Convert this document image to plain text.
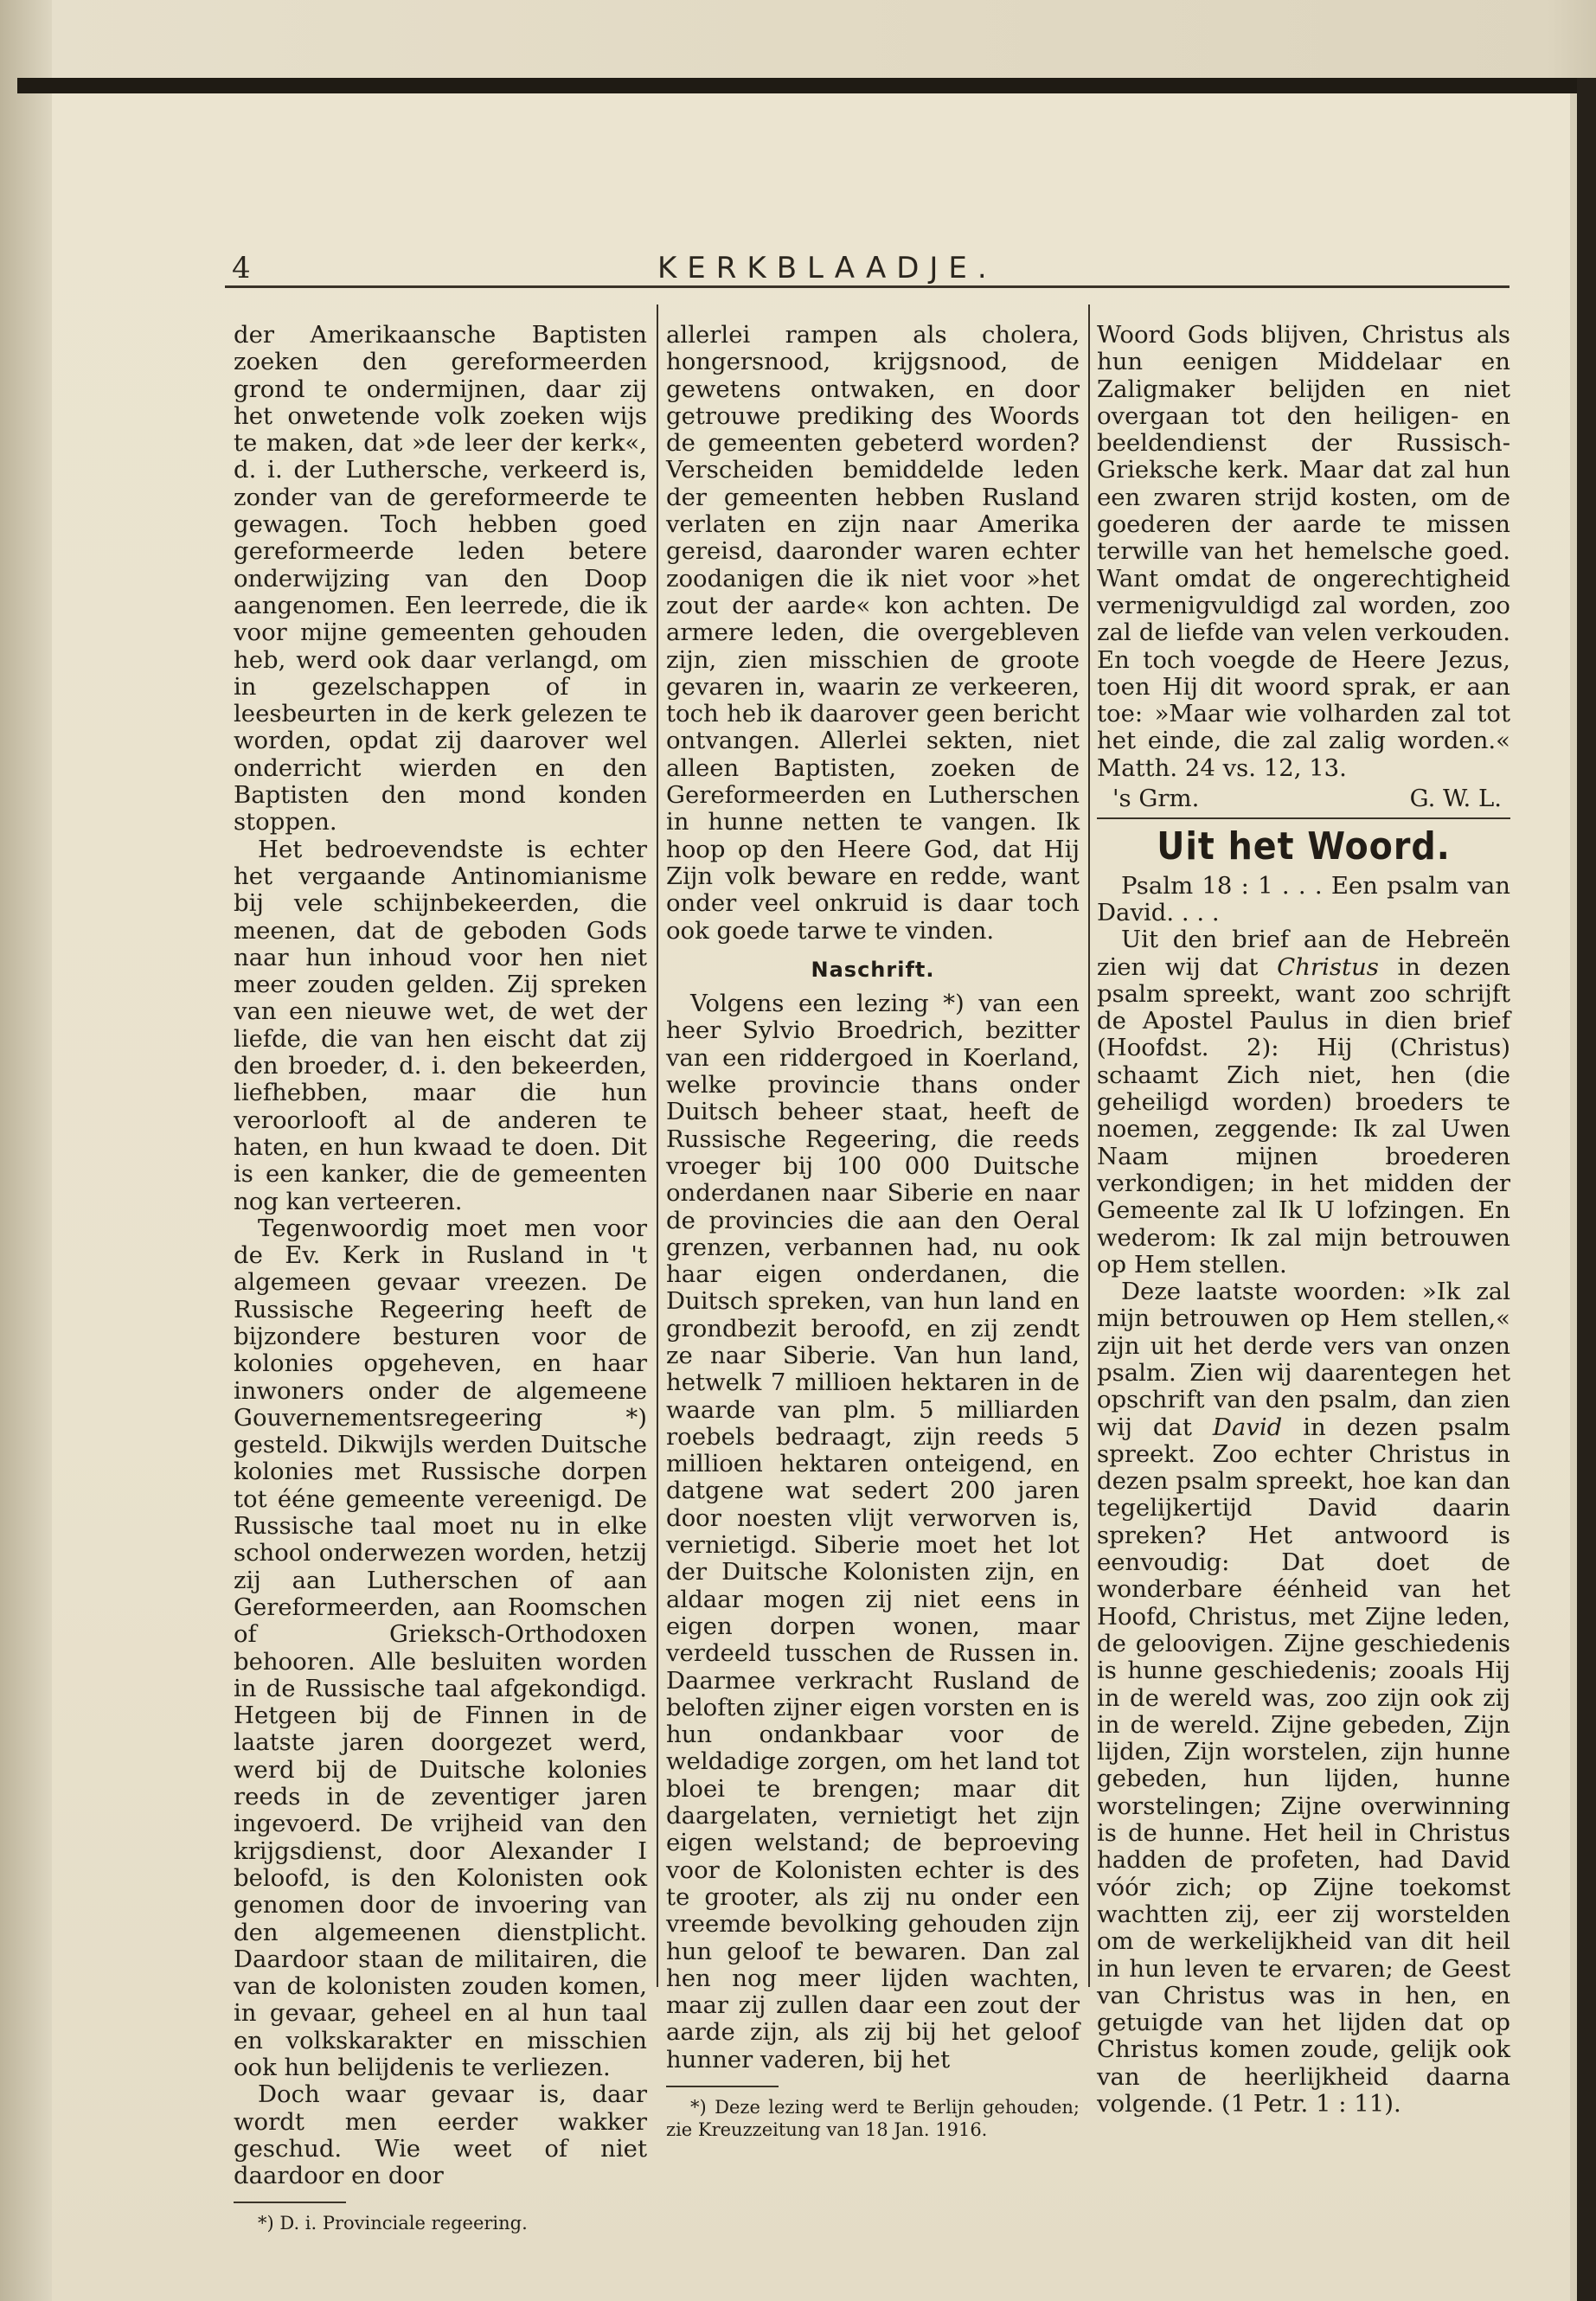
4	KERKBLAADJE.

der Amerikaansche Baptisten zoeken den gereformeerden grond te ondermijnen, daar zij het onwetende volk zoeken wijs te maken, dat »de leer der kerk«, d. i. der Luthersche, verkeerd is, zonder van de gereformeerde te gewagen. Toch hebben goed gereformeerde leden betere onderwijzing van den Doop aangenomen. Een leerrede, die ik voor mijne gemeenten gehouden heb, werd ook daar verlangd, om in gezelschappen of in leesbeurten in de kerk gelezen te worden, opdat zij daarover wel onderricht wierden en den Baptisten den mond konden stoppen.

Het bedroevendste is echter het vergaande Antinomianisme bij vele schijnbekeerden, die meenen, dat de geboden Gods naar hun inhoud voor hen niet meer zouden gelden. Zij spreken van een nieuwe wet, de wet der liefde, die van hen eischt dat zij den broeder, d. i. den bekeerden, liefhebben, maar die hun veroorlooft al de anderen te haten, en hun kwaad te doen. Dit is een kanker, die de gemeenten nog kan verteeren.

Tegenwoordig moet men voor de Ev. Kerk in Rusland in 't algemeen gevaar vreezen. De Russische Regeering heeft de bijzondere besturen voor de kolonies opgeheven, en haar inwoners onder de algemeene Gouvernementsregeering *) gesteld. Dikwijls werden Duitsche kolonies met Russische dorpen tot ééne gemeente vereenigd. De Russische taal moet nu in elke school onderwezen worden, hetzij zij aan Lutherschen of aan Gereformeerden, aan Roomschen of Grieksch-Orthodoxen behooren. Alle besluiten worden in de Russische taal afgekondigd. Hetgeen bij de Finnen in de laatste jaren doorgezet werd, werd bij de Duitsche kolonies reeds in de zeventiger jaren ingevoerd. De vrijheid van den krijgsdienst, door Alexander I beloofd, is den Kolonisten ook genomen door de invoering van den algemeenen dienstplicht. Daardoor staan de militairen, die van de kolonisten zouden komen, in gevaar, geheel en al hun taal en volkskarakter en misschien ook hun belijdenis te verliezen.

Doch waar gevaar is, daar wordt men eerder wakker geschud. Wie weet of niet daardoor en door

*) D. i. Provinciale regeering.

allerlei rampen als cholera, hongersnood, krijgsnood, de gewetens ontwaken, en door getrouwe prediking des Woords de gemeenten gebeterd worden? Verscheiden bemiddelde leden der gemeenten hebben Rusland verlaten en zijn naar Amerika gereisd, daaronder waren echter zoodanigen die ik niet voor »het zout der aarde« kon achten. De armere leden, die overgebleven zijn, zien misschien de groote gevaren in, waarin ze verkeeren, toch heb ik daarover geen bericht ontvangen. Allerlei sekten, niet alleen Baptisten, zoeken de Gereformeerden en Lutherschen in hunne netten te vangen. Ik hoop op den Heere God, dat Hij Zijn volk beware en redde, want onder veel onkruid is daar toch ook goede tarwe te vinden.

Naschrift.

Volgens een lezing *) van een heer Sylvio Broedrich, bezitter van een riddergoed in Koerland, welke provincie thans onder Duitsch beheer staat, heeft de Russische Regeering, die reeds vroeger bij 100 000 Duitsche onderdanen naar Siberie en naar de provincies die aan den Oeral grenzen, verbannen had, nu ook haar eigen onderdanen, die Duitsch spreken, van hun land en grondbezit beroofd, en zij zendt ze naar Siberie. Van hun land, hetwelk 7 millioen hektaren in de waarde van plm. 5 milliarden roebels bedraagt, zijn reeds 5 millioen hektaren onteigend, en datgene wat sedert 200 jaren door noesten vlijt verworven is, vernietigd. Siberie moet het lot der Duitsche Kolonisten zijn, en aldaar mogen zij niet eens in eigen dorpen wonen, maar verdeeld tusschen de Russen in. Daarmee verkracht Rusland de beloften zijner eigen vorsten en is hun ondankbaar voor de weldadige zorgen, om het land tot bloei te brengen; maar dit daargelaten, vernietigt het zijn eigen welstand; de beproeving voor de Kolonisten echter is des te grooter, als zij nu onder een vreemde bevolking gehouden zijn hun geloof te bewaren. Dan zal hen nog meer lijden wachten, maar zij zullen daar een zout der aarde zijn, als zij bij het geloof hunner vaderen, bij het

*) Deze lezing werd te Berlijn gehouden; zie Kreuzzeitung van 18 Jan. 1916.

Woord Gods blijven, Christus als hun eenigen Middelaar en Zaligmaker belijden en niet overgaan tot den heiligen- en beeldendienst der Russisch-Grieksche kerk. Maar dat zal hun een zwaren strijd kosten, om de goederen der aarde te missen terwille van het hemelsche goed. Want omdat de ongerechtigheid vermenigvuldigd zal worden, zoo zal de liefde van velen verkouden. En toch voegde de Heere Jezus, toen Hij dit woord sprak, er aan toe: »Maar wie volharden zal tot het einde, die zal zalig worden.« Matth. 24 vs. 12, 13.

's Grm.	G. W. L.
Uit het Woord.

Psalm 18 : 1 . . . Een psalm van David. . . .

Uit den brief aan de Hebreën zien wij dat Christus in dezen psalm spreekt, want zoo schrijft de Apostel Paulus in dien brief (Hoofdst. 2): Hij (Christus) schaamt Zich niet, hen (die geheiligd worden) broeders te noemen, zeggende: Ik zal Uwen Naam mijnen broederen verkondigen; in het midden der Gemeente zal Ik U lofzingen. En wederom: Ik zal mijn betrouwen op Hem stellen.

Deze laatste woorden: »Ik zal mijn betrouwen op Hem stellen,« zijn uit het derde vers van onzen psalm. Zien wij daarentegen het opschrift van den psalm, dan zien wij dat David in dezen psalm spreekt. Zoo echter Christus in dezen psalm spreekt, hoe kan dan tegelijkertijd David daarin spreken? Het antwoord is eenvoudig: Dat doet de wonderbare éénheid van het Hoofd, Christus, met Zijne leden, de geloovigen. Zijne geschiedenis is hunne geschiedenis; zooals Hij in de wereld was, zoo zijn ook zij in de wereld. Zijne gebeden, Zijn lijden, Zijn worstelen, zijn hunne gebeden, hun lijden, hunne worstelingen; Zijne overwinning is de hunne. Het heil in Christus hadden de profeten, had David vóór zich; op Zijne toekomst wachtten zij, eer zij worstelden om de werkelijkheid van dit heil in hun leven te ervaren; de Geest van Christus was in hen, en getuigde van het lijden dat op Christus komen zoude, gelijk ook van de heerlijkheid daarna volgende. (1 Petr. 1 : 11).
